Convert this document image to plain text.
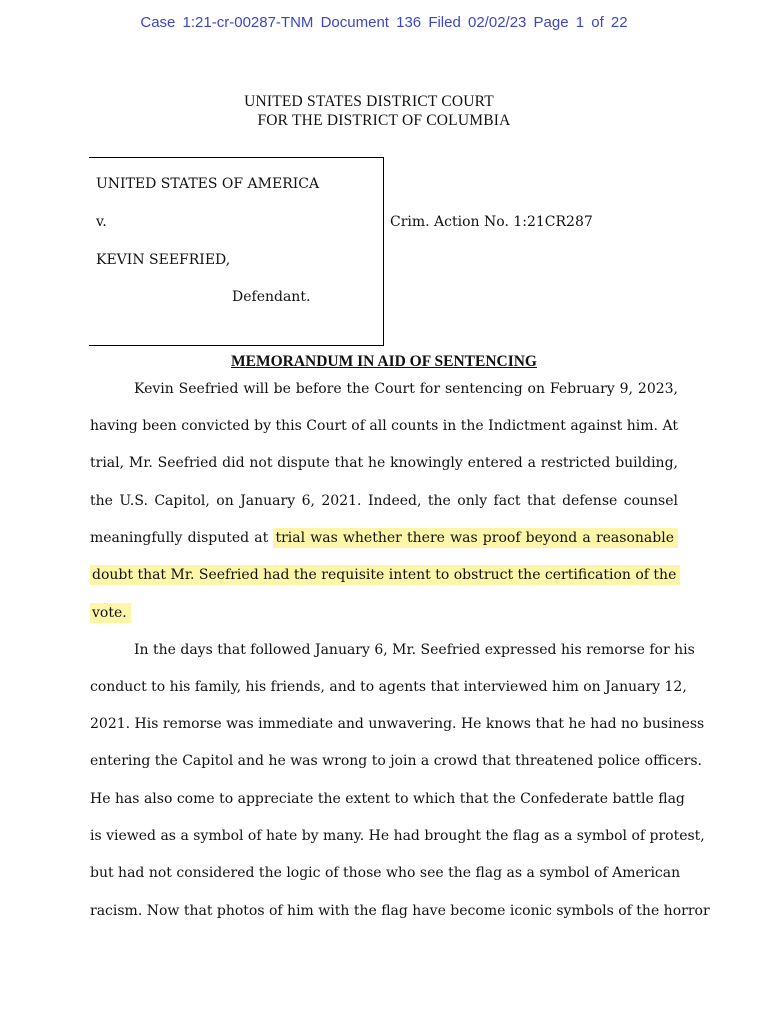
Case 1:21-cr-00287-TNM Document 136 Filed 02/02/23 Page 1 of 22
UNITED STATES DISTRICT COURT
FOR THE DISTRICT OF COLUMBIA
UNITED STATES OF AMERICA
v.
KEVIN SEEFRIED,
Defendant.
Crim. Action No. 1:21CR287
MEMORANDUM IN AID OF SENTENCING
Kevin Seefried will be before the Court for sentencing on February 9, 2023,
having been convicted by this Court of all counts in the Indictment against him. At
trial, Mr. Seefried did not dispute that he knowingly entered a restricted building,
the U.S. Capitol, on January 6, 2021. Indeed, the only fact that defense counsel
meaningfully disputed at trial was whether there was proof beyond a reasonable
doubt that Mr. Seefried had the requisite intent to obstruct the certification of the
vote.
In the days that followed January 6, Mr. Seefried expressed his remorse for his
conduct to his family, his friends, and to agents that interviewed him on January 12,
2021. His remorse was immediate and unwavering. He knows that he had no business
entering the Capitol and he was wrong to join a crowd that threatened police officers.
He has also come to appreciate the extent to which that the Confederate battle flag
is viewed as a symbol of hate by many. He had brought the flag as a symbol of protest,
but had not considered the logic of those who see the flag as a symbol of American
racism. Now that photos of him with the flag have become iconic symbols of the horror
